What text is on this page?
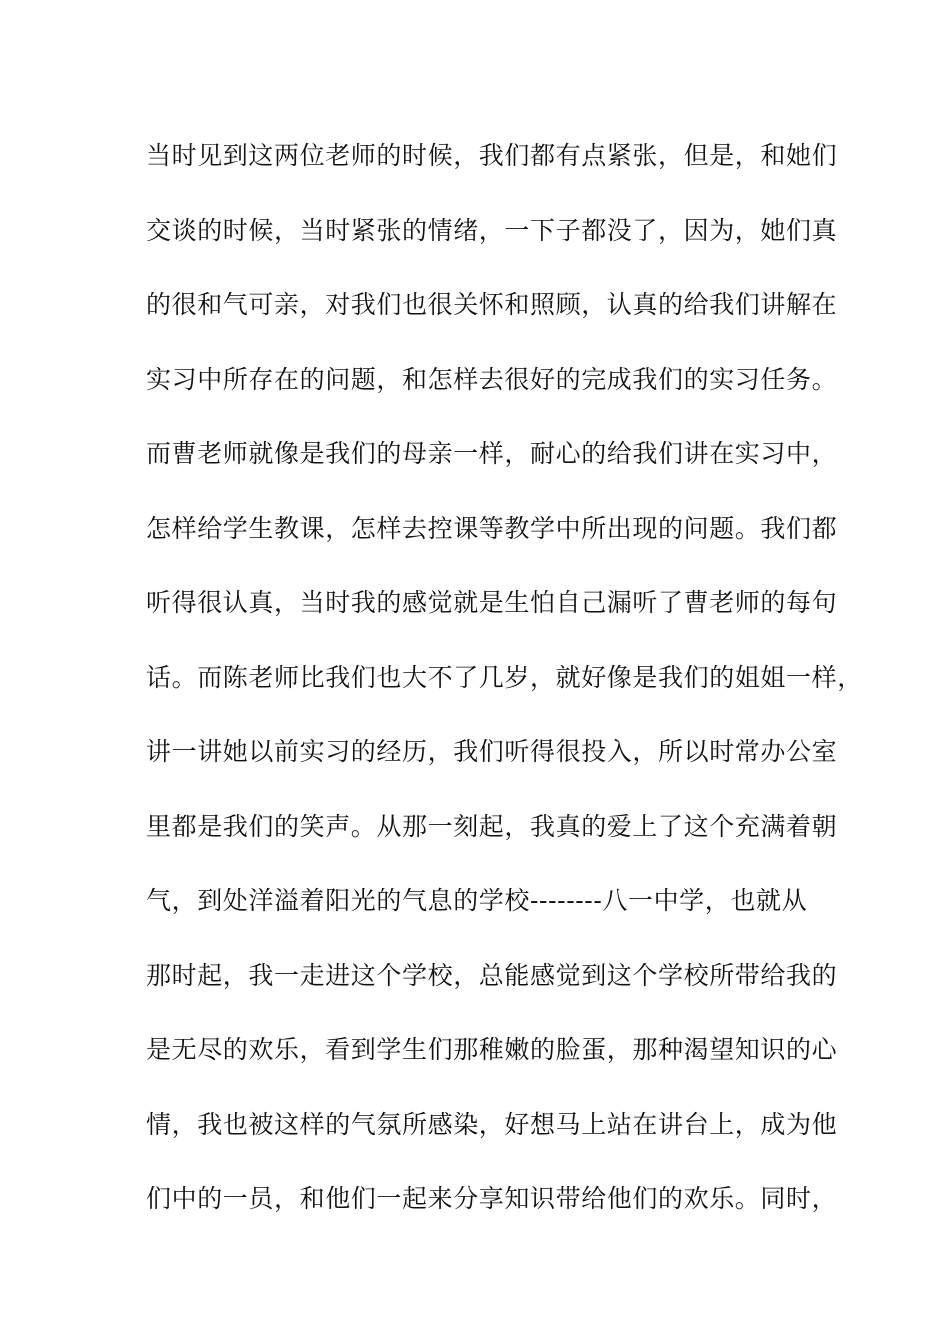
当时见到这两位老师的时候，我们都有点紧张，但是，和她们
交谈的时候，当时紧张的情绪，一下子都没了，因为，她们真
的很和气可亲，对我们也很关怀和照顾，认真的给我们讲解在
实习中所存在的问题，和怎样去很好的完成我们的实习任务。
而曹老师就像是我们的母亲一样，耐心的给我们讲在实习中，
怎样给学生教课，怎样去控课等教学中所出现的问题。我们都
听得很认真，当时我的感觉就是生怕自己漏听了曹老师的每句
话。而陈老师比我们也大不了几岁，就好像是我们的姐姐一样，
讲一讲她以前实习的经历，我们听得很投入，所以时常办公室
里都是我们的笑声。从那一刻起，我真的爱上了这个充满着朝
气，到处洋溢着阳光的气息的学校--------八一中学，也就从
那时起，我一走进这个学校，总能感觉到这个学校所带给我的
是无尽的欢乐，看到学生们那稚嫩的脸蛋，那种渴望知识的心
情，我也被这样的气氛所感染，好想马上站在讲台上，成为他
们中的一员，和他们一起来分享知识带给他们的欢乐。同时，
